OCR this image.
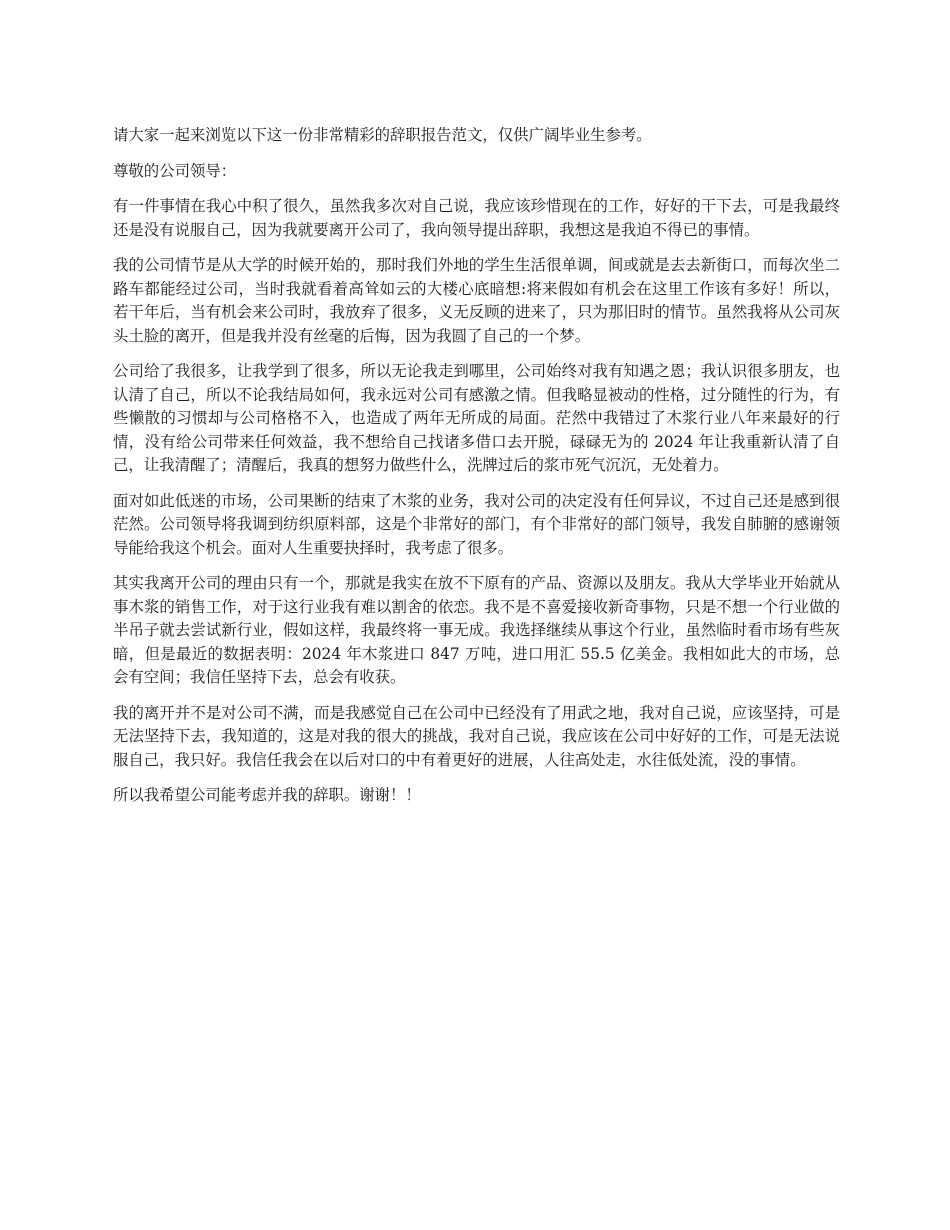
请大家一起来浏览以下这一份非常精彩的辞职报告范文，仅供广阔毕业生参考。

尊敬的公司领导：

有一件事情在我心中积了很久，虽然我多次对自己说，我应该珍惜现在的工作，好好的干下去，可是我最终还是没有说服自己，因为我就要离开公司了，我向领导提出辞职，我想这是我迫不得已的事情。

我的公司情节是从大学的时候开始的，那时我们外地的学生生活很单调，间或就是去去新街口，而每次坐二路车都能经过公司，当时我就看着高耸如云的大楼心底暗想:将来假如有机会在这里工作该有多好！所以，若干年后，当有机会来公司时，我放弃了很多，义无反顾的进来了，只为那旧时的情节。虽然我将从公司灰头土脸的离开，但是我并没有丝毫的后悔，因为我圆了自己的一个梦。

公司给了我很多，让我学到了很多，所以无论我走到哪里，公司始终对我有知遇之恩；我认识很多朋友，也认清了自己，所以不论我结局如何，我永远对公司有感激之情。但我略显被动的性格，过分随性的行为，有些懒散的习惯却与公司格格不入，也造成了两年无所成的局面。茫然中我错过了木浆行业八年来最好的行情，没有给公司带来任何效益，我不想给自己找诸多借口去开脱，碌碌无为的 2024 年让我重新认清了自己，让我清醒了；清醒后，我真的想努力做些什么，洗牌过后的浆市死气沉沉，无处着力。

面对如此低迷的市场，公司果断的结束了木浆的业务，我对公司的决定没有任何异议，不过自己还是感到很茫然。公司领导将我调到纺织原料部，这是个非常好的部门，有个非常好的部门领导，我发自肺腑的感谢领导能给我这个机会。面对人生重要抉择时，我考虑了很多。

其实我离开公司的理由只有一个，那就是我实在放不下原有的产品、资源以及朋友。我从大学毕业开始就从事木浆的销售工作，对于这行业我有难以割舍的依恋。我不是不喜爱接收新奇事物，只是不想一个行业做的半吊子就去尝试新行业，假如这样，我最终将一事无成。我选择继续从事这个行业，虽然临时看市场有些灰暗，但是最近的数据表明：2024 年木浆进口 847 万吨，进口用汇 55.5 亿美金。我相如此大的市场，总会有空间；我信任坚持下去，总会有收获。

我的离开并不是对公司不满，而是我感觉自己在公司中已经没有了用武之地，我对自己说，应该坚持，可是无法坚持下去，我知道的，这是对我的很大的挑战，我对自己说，我应该在公司中好好的工作，可是无法说服自己，我只好。我信任我会在以后对口的中有着更好的进展，人往高处走，水往低处流，没的事情。

所以我希望公司能考虑并我的辞职。谢谢！！
